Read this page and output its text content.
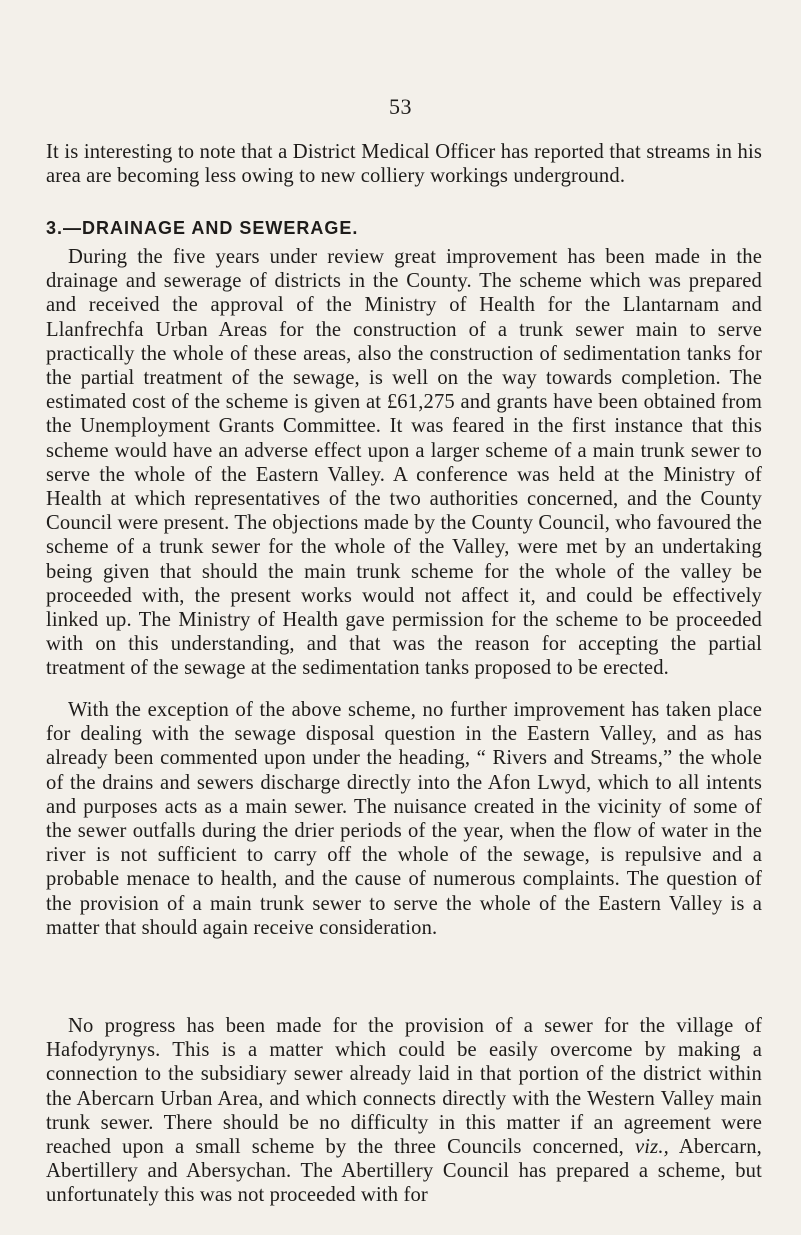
53
It is interesting to note that a District Medical Officer has reported that streams in his area are becoming less owing to new colliery workings underground.
3.—DRAINAGE AND SEWERAGE.

During the five years under review great improvement has been made in the drainage and sewerage of districts in the County. The scheme which was prepared and received the approval of the Ministry of Health for the Llantarnam and Llanfrechfa Urban Areas for the construction of a trunk sewer main to serve practically the whole of these areas, also the construction of sedimentation tanks for the partial treatment of the sewage, is well on the way towards completion. The estimated cost of the scheme is given at £61,275 and grants have been obtained from the Unemployment Grants Committee. It was feared in the first instance that this scheme would have an adverse effect upon a larger scheme of a main trunk sewer to serve the whole of the Eastern Valley. A conference was held at the Ministry of Health at which representatives of the two authorities concerned, and the County Council were present. The objections made by the County Council, who favoured the scheme of a trunk sewer for the whole of the Valley, were met by an undertaking being given that should the main trunk scheme for the whole of the valley be proceeded with, the present works would not affect it, and could be effectively linked up. The Ministry of Health gave permission for the scheme to be proceeded with on this understanding, and that was the reason for accepting the partial treatment of the sewage at the sedimentation tanks proposed to be erected.

With the exception of the above scheme, no further improvement has taken place for dealing with the sewage disposal question in the Eastern Valley, and as has already been commented upon under the heading, “ Rivers and Streams,” the whole of the drains and sewers discharge directly into the Afon Lwyd, which to all intents and purposes acts as a main sewer. The nuisance created in the vicinity of some of the sewer outfalls during the drier periods of the year, when the flow of water in the river is not sufficient to carry off the whole of the sewage, is repulsive and a probable menace to health, and the cause of numerous complaints. The question of the provision of a main trunk sewer to serve the whole of the Eastern Valley is a matter that should again receive consideration.

No progress has been made for the provision of a sewer for the village of Hafodyrynys. This is a matter which could be easily overcome by making a connection to the subsidiary sewer already laid in that portion of the district within the Abercarn Urban Area, and which connects directly with the Western Valley main trunk sewer. There should be no difficulty in this matter if an agreement were reached upon a small scheme by the three Councils concerned, viz., Abercarn, Abertillery and Abersychan. The Abertillery Council has prepared a scheme, but unfortunately this was not proceeded with for
